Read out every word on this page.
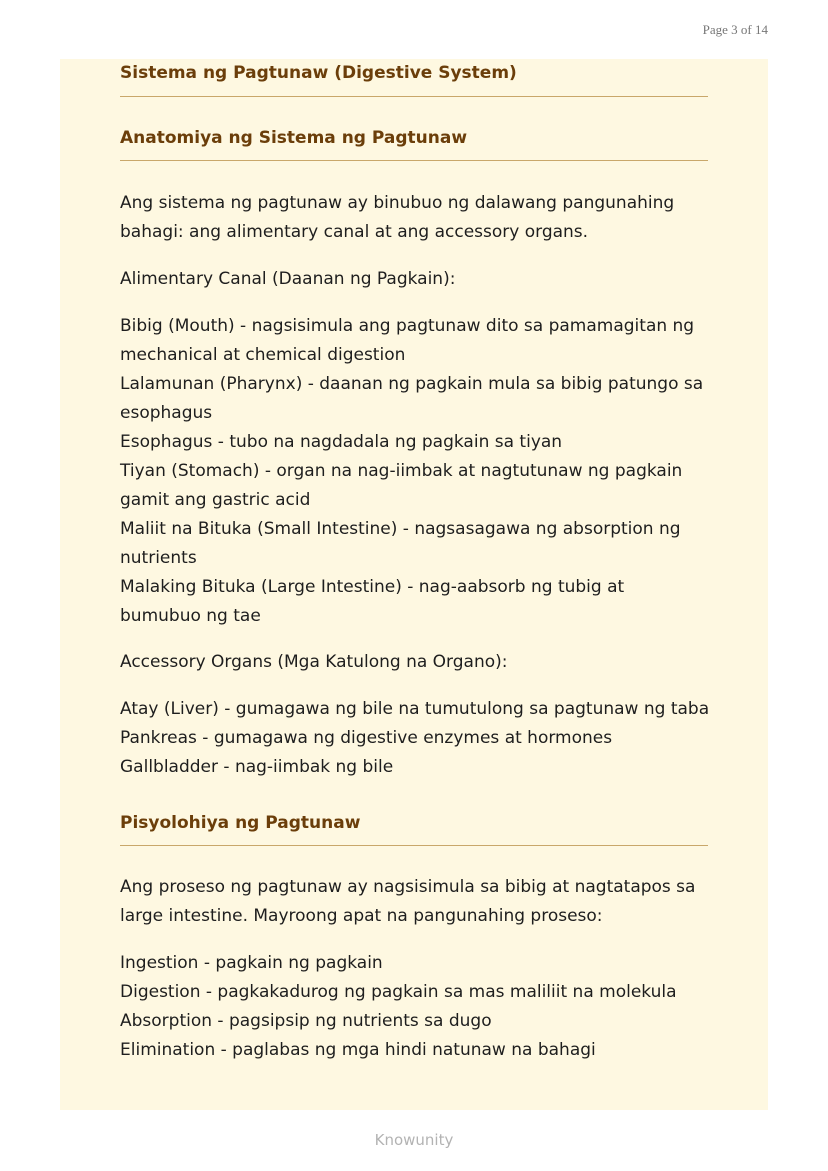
Page 3 of 14
Sistema ng Pagtunaw (Digestive System)
Anatomiya ng Sistema ng Pagtunaw
Ang sistema ng pagtunaw ay binubuo ng dalawang pangunahing
bahagi: ang alimentary canal at ang accessory organs.
Alimentary Canal (Daanan ng Pagkain):
Bibig (Mouth) - nagsisimula ang pagtunaw dito sa pamamagitan ng
mechanical at chemical digestion
Lalamunan (Pharynx) - daanan ng pagkain mula sa bibig patungo sa
esophagus
Esophagus - tubo na nagdadala ng pagkain sa tiyan
Tiyan (Stomach) - organ na nag-iimbak at nagtutunaw ng pagkain
gamit ang gastric acid
Maliit na Bituka (Small Intestine) - nagsasagawa ng absorption ng
nutrients
Malaking Bituka (Large Intestine) - nag-aabsorb ng tubig at
bumubuo ng tae
Accessory Organs (Mga Katulong na Organo):
Atay (Liver) - gumagawa ng bile na tumutulong sa pagtunaw ng taba
Pankreas - gumagawa ng digestive enzymes at hormones
Gallbladder - nag-iimbak ng bile
Pisyolohiya ng Pagtunaw
Ang proseso ng pagtunaw ay nagsisimula sa bibig at nagtatapos sa
large intestine. Mayroong apat na pangunahing proseso:
Ingestion - pagkain ng pagkain
Digestion - pagkakadurog ng pagkain sa mas maliliit na molekula
Absorption - pagsipsip ng nutrients sa dugo
Elimination - paglabas ng mga hindi natunaw na bahagi
Knowunity
